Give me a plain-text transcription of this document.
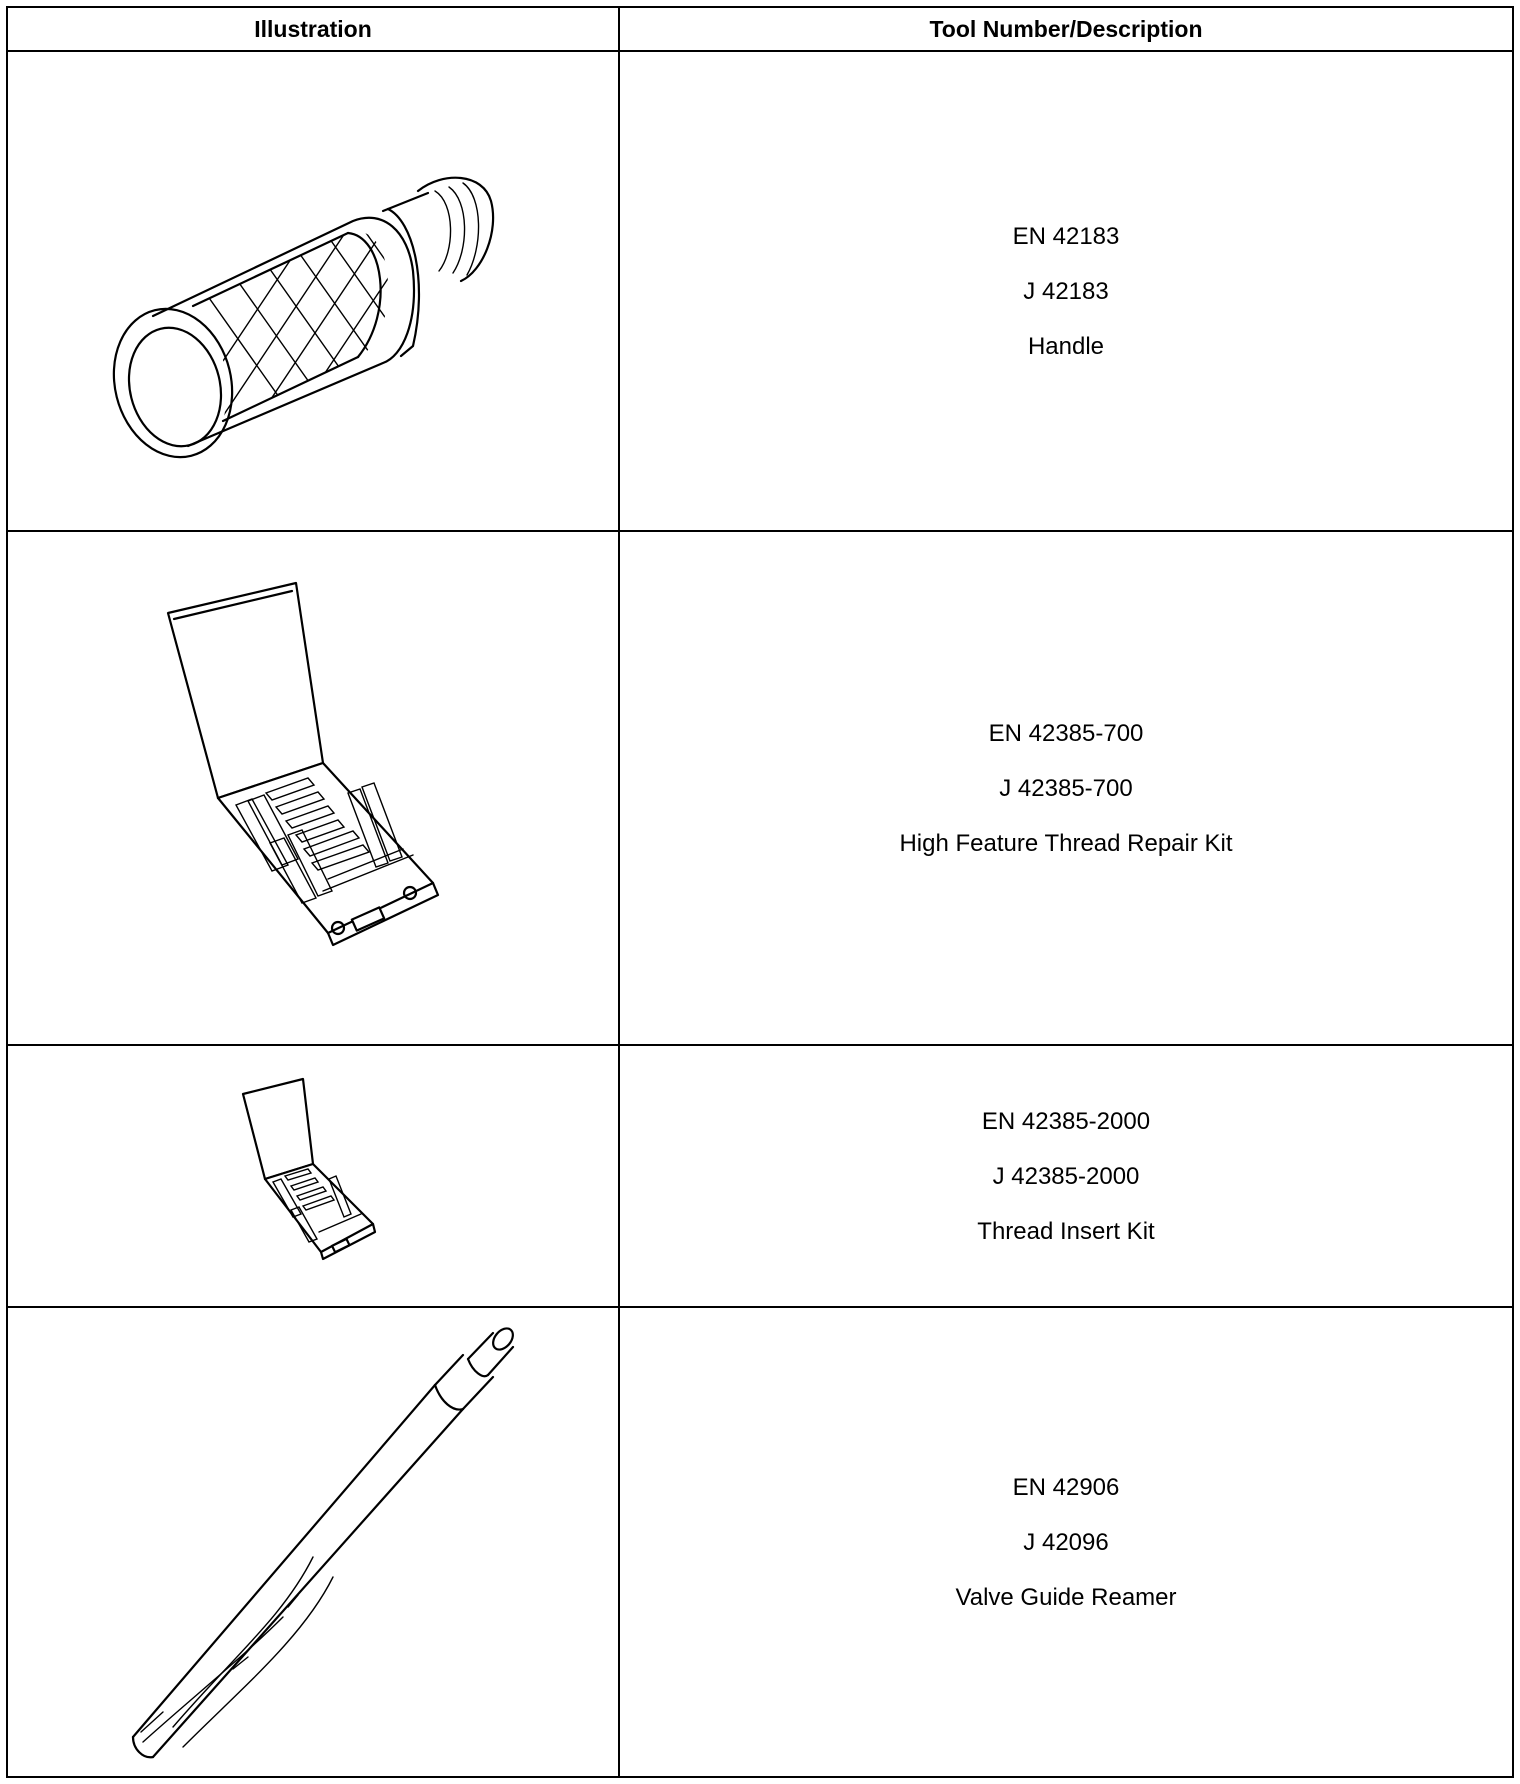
Illustration	Tool Number/Description

EN 42183
J 42183
Handle

EN 42385-700
J 42385-700
High Feature Thread Repair Kit

EN 42385-2000
J 42385-2000
Thread Insert Kit

EN 42906
J 42096
Valve Guide Reamer
